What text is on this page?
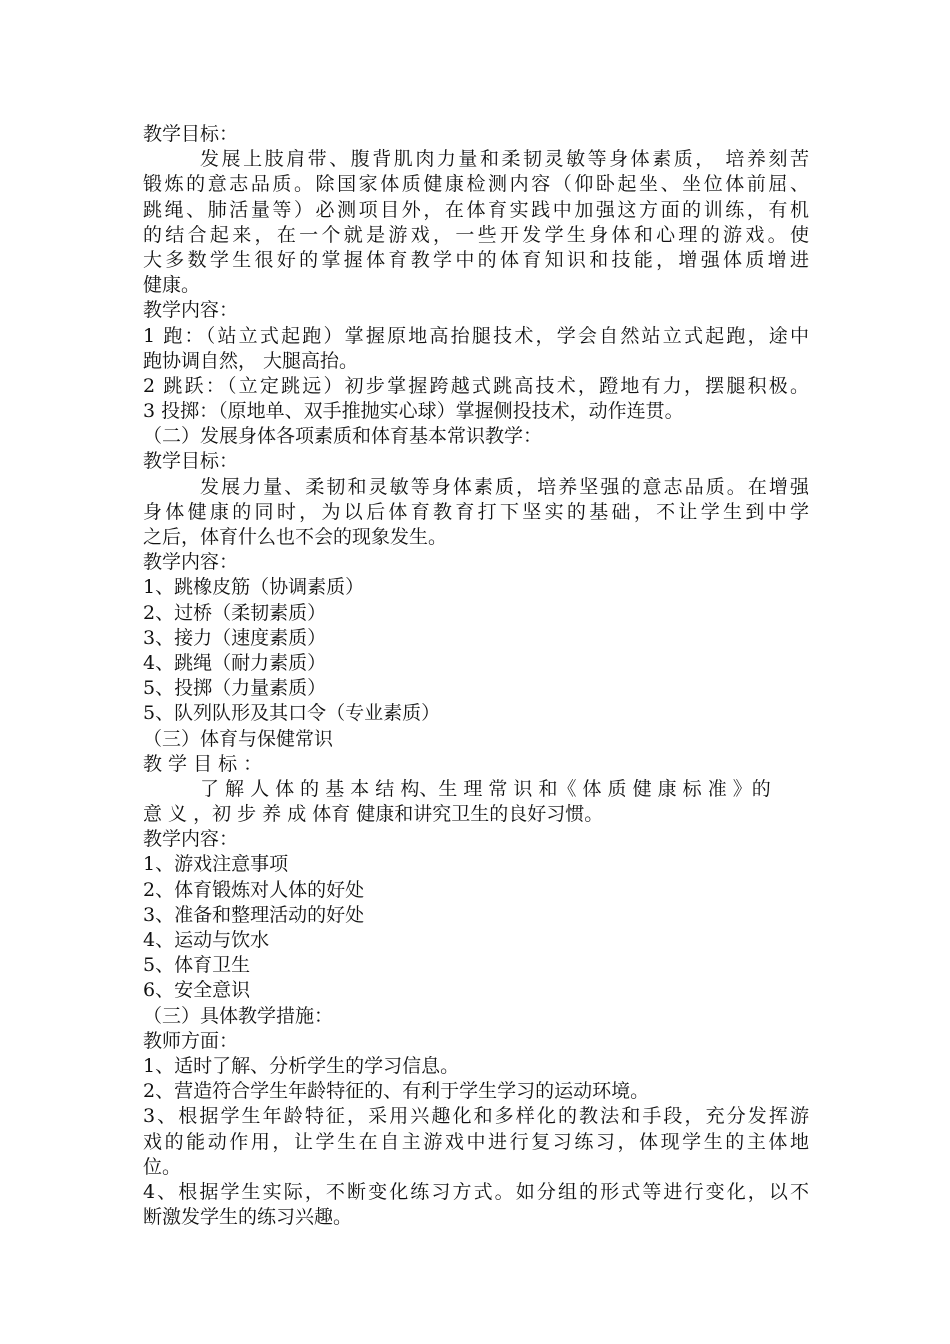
教学目标：
发展上肢肩带、腹背肌肉力量和柔韧灵敏等身体素质， 培养刻苦
锻炼的意志品质。除国家体质健康检测内容（仰卧起坐、坐位体前屈、
跳绳、肺活量等）必测项目外，在体育实践中加强这方面的训练，有机
的结合起来，在一个就是游戏，一些开发学生身体和心理的游戏。使
大多数学生很好的掌握体育教学中的体育知识和技能，增强体质增进
健康。
教学内容：
1 跑：（站立式起跑）掌握原地高抬腿技术，学会自然站立式起跑，途中
跑协调自然， 大腿高抬。
2 跳跃：（立定跳远）初步掌握跨越式跳高技术，蹬地有力，摆腿积极。
3 投掷：（原地单、双手推抛实心球）掌握侧投技术，动作连贯。
（二）发展身体各项素质和体育基本常识教学：
教学目标：
发展力量、柔韧和灵敏等身体素质，培养坚强的意志品质。在增强
身体健康的同时，为以后体育教育打下坚实的基础，不让学生到中学
之后，体育什么也不会的现象发生。
教学内容：
1、跳橡皮筋（协调素质）
2、过桥（柔韧素质）
3、接力（速度素质）
4、跳绳（耐力素质）
5、投掷（力量素质）
5、队列队形及其口令（专业素质）
（三）体育与保健常识
教 学 目 标 ：
了 解 人 体 的 基 本 结 构、生 理 常 识 和《 体 质 健 康 标 准 》的
意 义 ，初 步 养 成 体育 健康和讲究卫生的良好习惯。
教学内容：
1、游戏注意事项
2、体育锻炼对人体的好处
3、准备和整理活动的好处
4、运动与饮水
5、体育卫生
6、安全意识
（三）具体教学措施：
教师方面：
1、适时了解、分析学生的学习信息。
2、营造符合学生年龄特征的、有利于学生学习的运动环境。
3、根据学生年龄特征，采用兴趣化和多样化的教法和手段，充分发挥游
戏的能动作用，让学生在自主游戏中进行复习练习，体现学生的主体地
位。
4、根据学生实际，不断变化练习方式。如分组的形式等进行变化，以不
断激发学生的练习兴趣。
